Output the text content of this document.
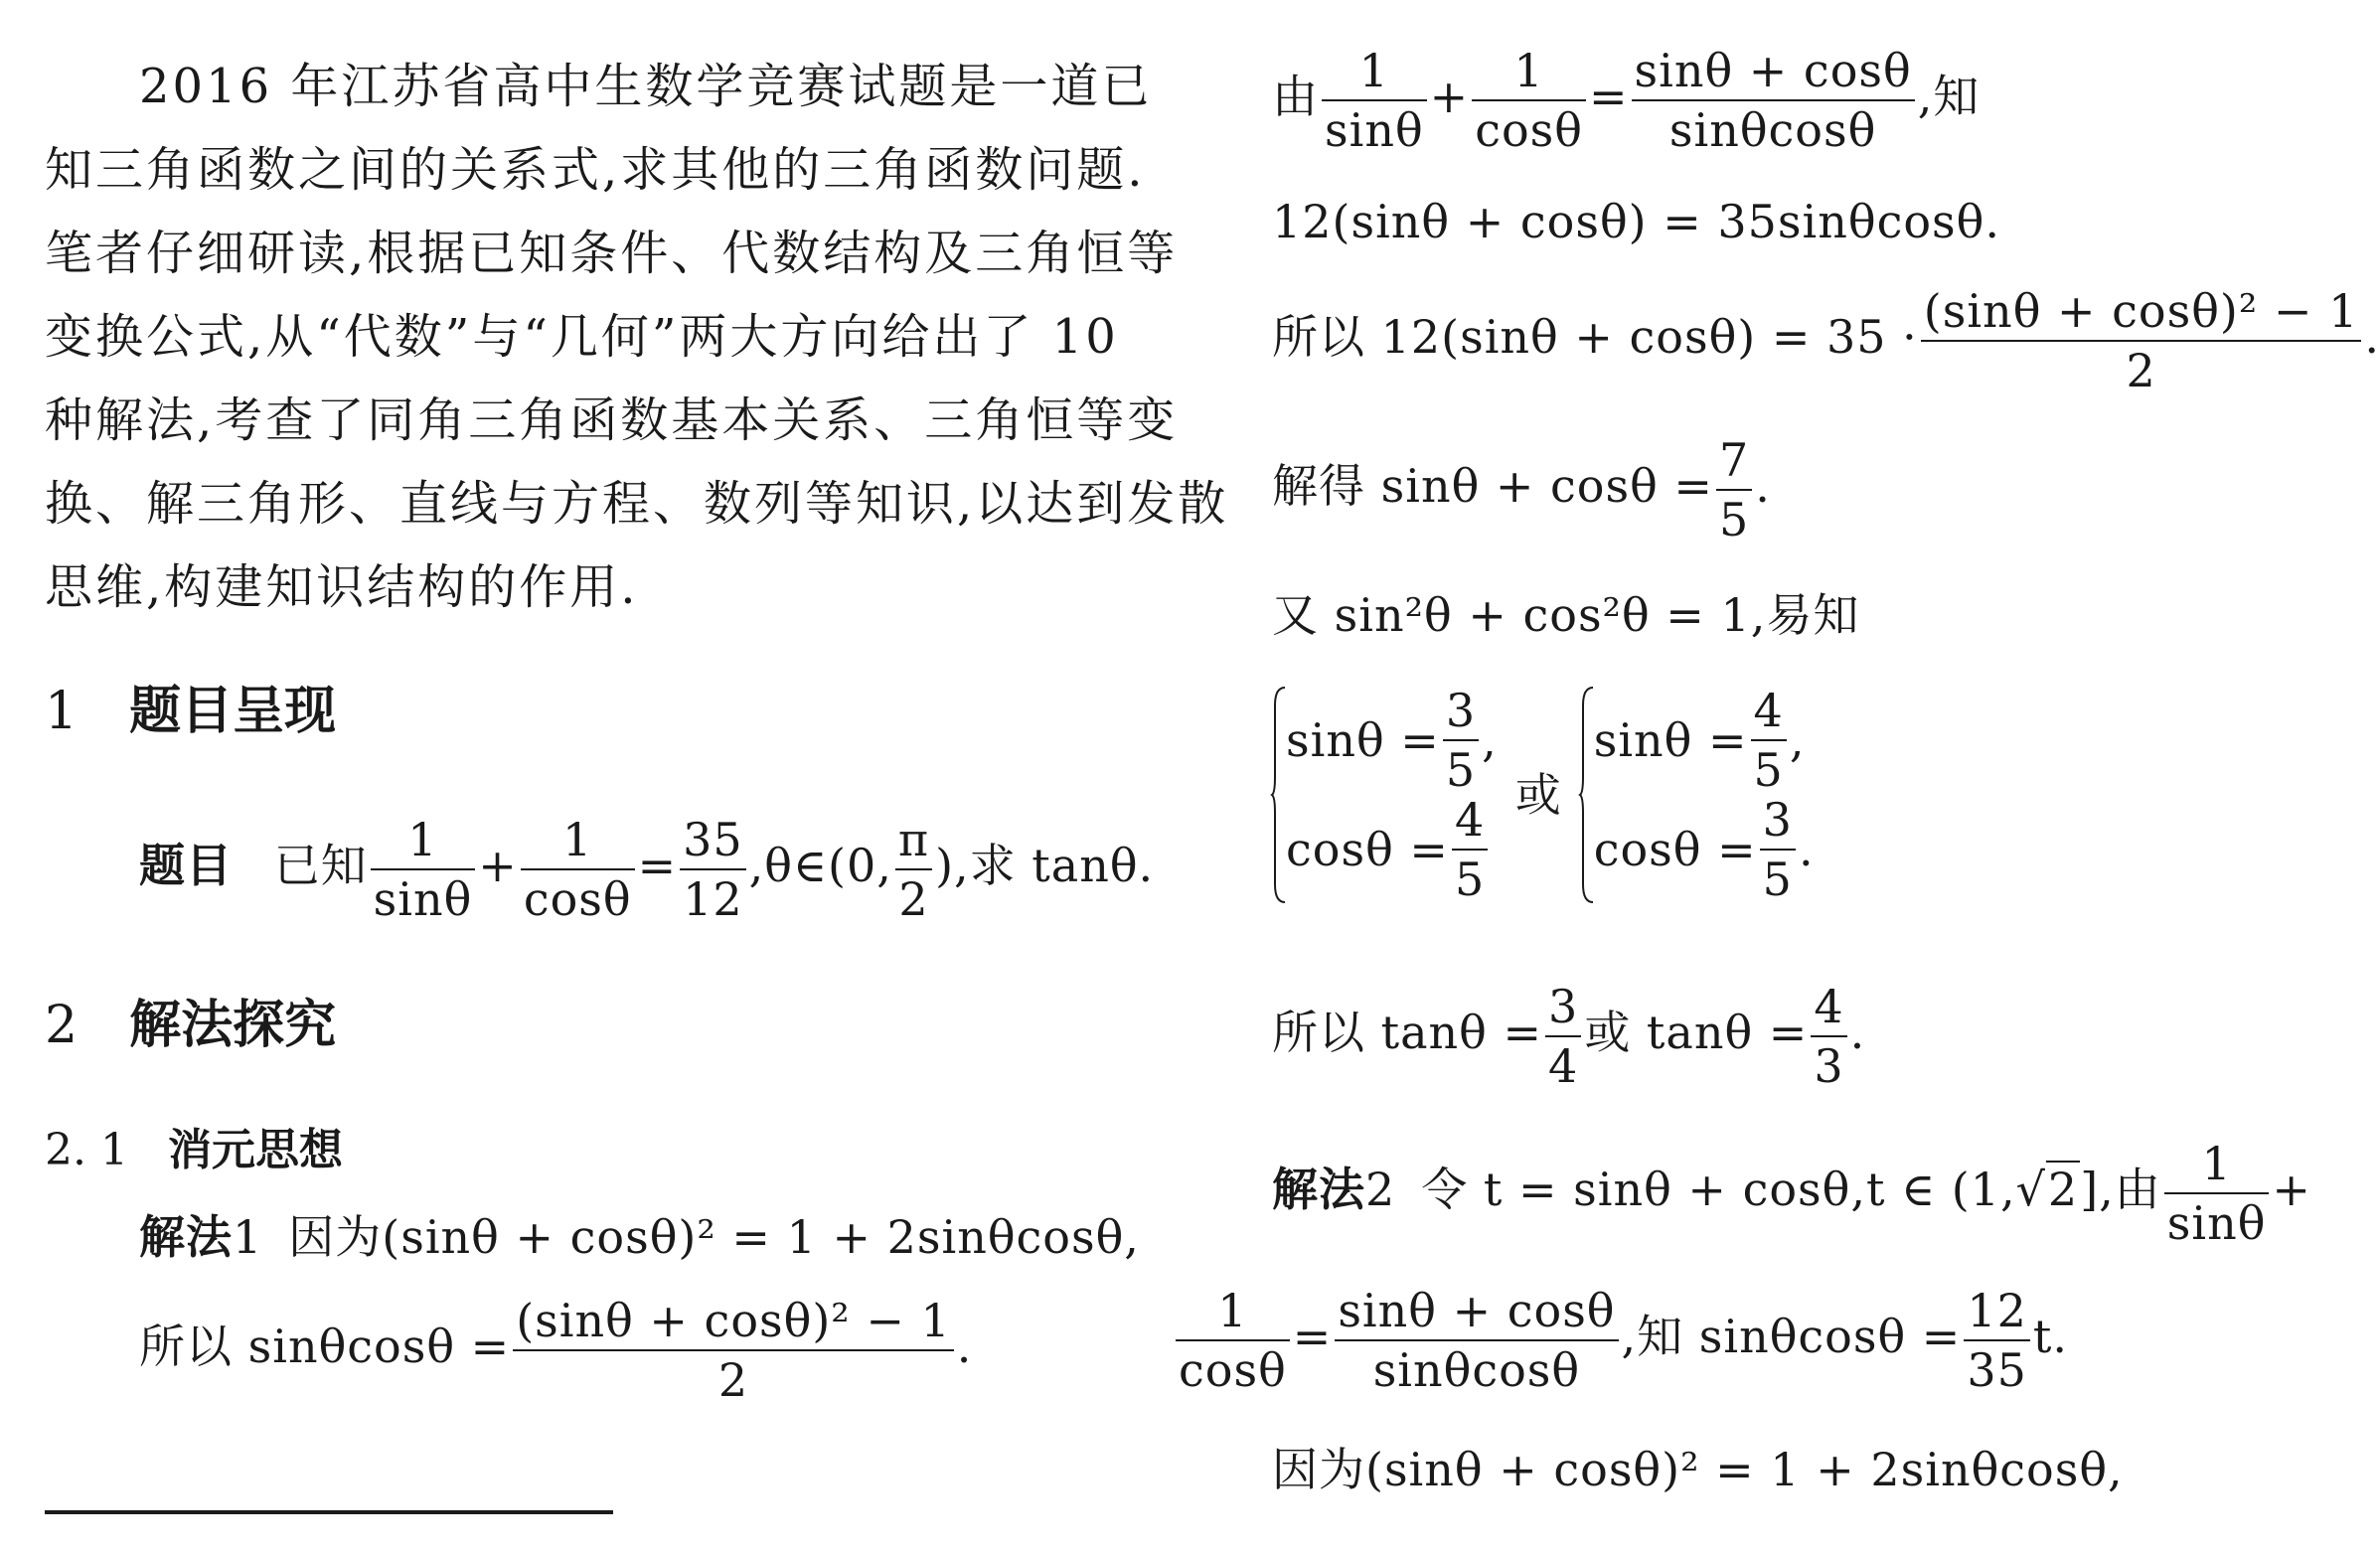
2016 年江苏省高中生数学竞赛试题是一道已
知三角函数之间的关系式,求其他的三角函数问题.
笔者仔细研读,根据已知条件、代数结构及三角恒等
变换公式,从“代数”与“几何”两大方向给出了 10
种解法,考查了同角三角函数基本关系、三角恒等变
换、解三角形、直线与方程、数列等知识,以达到发散
思维,构建知识结构的作用.
1 题目呈现
题目 已知 $\frac{1}{\sin\theta} + \frac{1}{\cos\theta} = \frac{35}{12}$ ,θ∈(0, $\frac{\pi}{2}$ ),求 tanθ.
2 解法探究
2. 1 消元思想
解法1 因为(sinθ + cosθ)² = 1 + 2sinθcosθ,
所以 $\sin\theta\cos\theta = \frac{\text{(sinθ + cosθ)² − 1}}{2}$ .
由 $\frac{1}{\sin\theta} + \frac{1}{\cos\theta} = \frac{\sin\theta + \cos\theta}{\sin\theta\cos\theta}$ ,知
12(sinθ + cosθ) = 35sinθcosθ.
所以 $12(\sin\theta + \cos\theta) = 35 \cdot \frac{\text{(sinθ + cosθ)² − 1}}{2}$ .
解得 $\sin\theta + \cos\theta = \frac{7}{5}$ .
又 sin²θ + cos²θ = 1,易知
$\sin\theta = \frac{3}{5}$ ,
$\cos\theta = \frac{4}{5}$
或
$\sin\theta = \frac{4}{5}$ ,
$\cos\theta = \frac{3}{5}$ .
所以 $\tan\theta = \frac{3}{4}$ 或 $\tan\theta = \frac{4}{3}$ .
解法2 令 t = sinθ + cosθ,t ∈ (1,√2],由 $\frac{1}{\sin\theta}$ +
$\frac{1}{\cos\theta} = \frac{\sin\theta + \cos\theta}{\sin\theta\cos\theta}$ ,知 $\sin\theta\cos\theta = \frac{12}{35} t$.
因为(sinθ + cosθ)² = 1 + 2sinθcosθ,
